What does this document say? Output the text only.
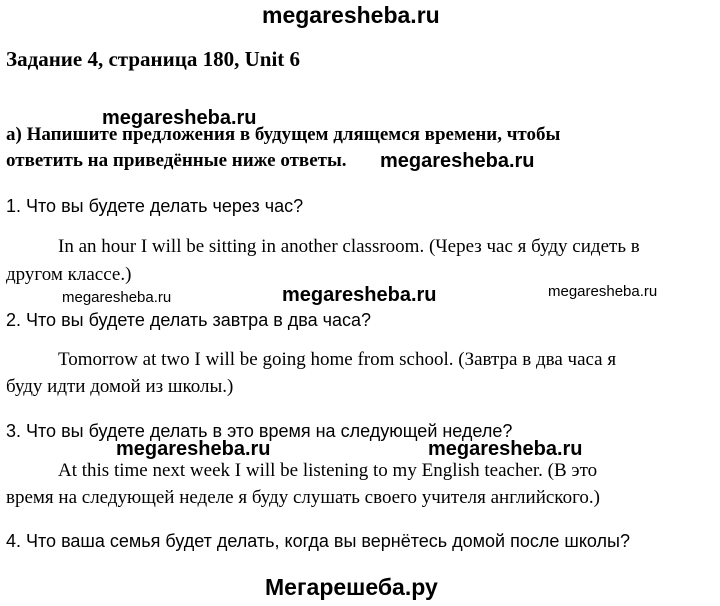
megaresheba.ru
Задание 4, страница 180, Unit 6
megaresheba.ru
а) Напишите предложения в будущем длящемся времени, чтобы
ответить на приведённые ниже ответы. megaresheba.ru
1. Что вы будете делать через час?
In an hour I will be sitting in another classroom. (Через час я буду сидеть в
другом классе.)
megaresheba.ru	megaresheba.ru	megaresheba.ru
2. Что вы будете делать завтра в два часа?
Tomorrow at two I will be going home from school. (Завтра в два часа я
буду идти домой из школы.)
3. Что вы будете делать в это время на следующей неделе?
megaresheba.ru	megaresheba.ru
At this time next week I will be listening to my English teacher. (В это
время на следующей неделе я буду слушать своего учителя английского.)
4. Что ваша семья будет делать, когда вы вернётесь домой после школы?
Мегарешеба.ру
